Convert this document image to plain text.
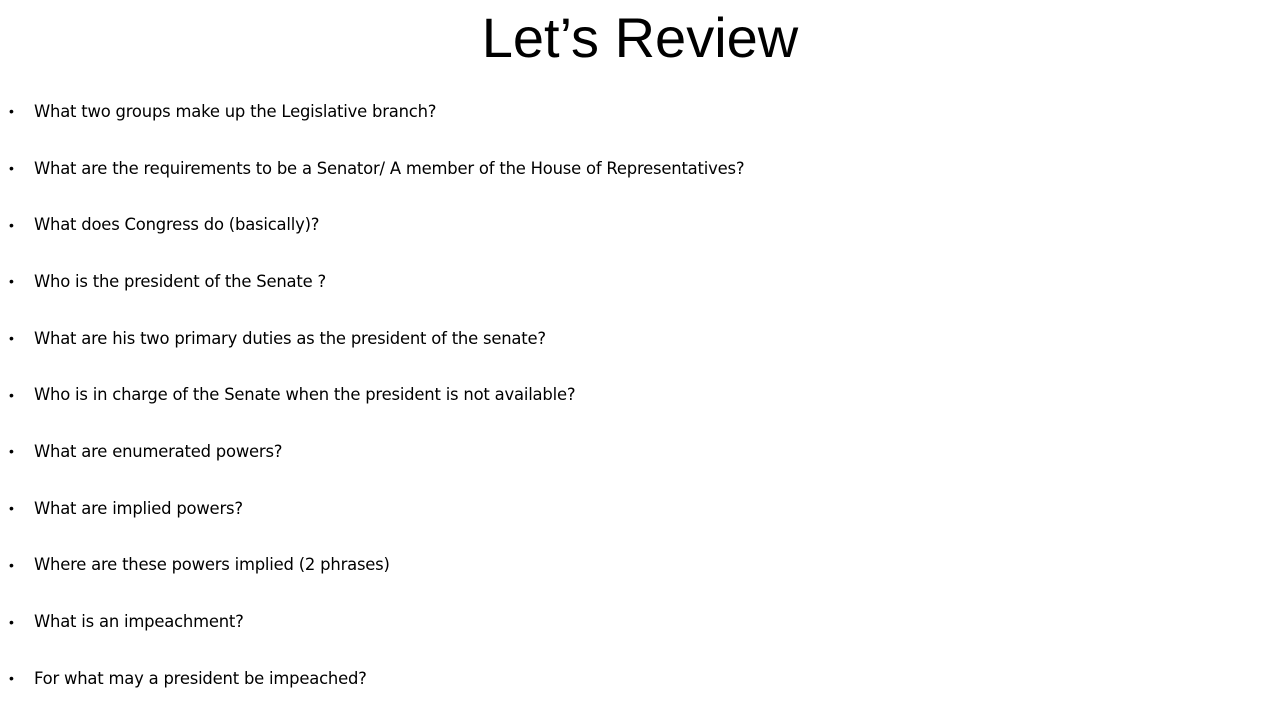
Let’s Review
• What two groups make up the Legislative branch?
• What are the requirements to be a Senator/ A member of the House of Representatives?
• What does Congress do (basically)?
• Who is the president of the Senate ?
• What are his two primary duties as the president of the senate?
• Who is in charge of the Senate when the president is not available?
• What are enumerated powers?
• What are implied powers?
• Where are these powers implied (2 phrases)
• What is an impeachment?
• For what may a president be impeached?
